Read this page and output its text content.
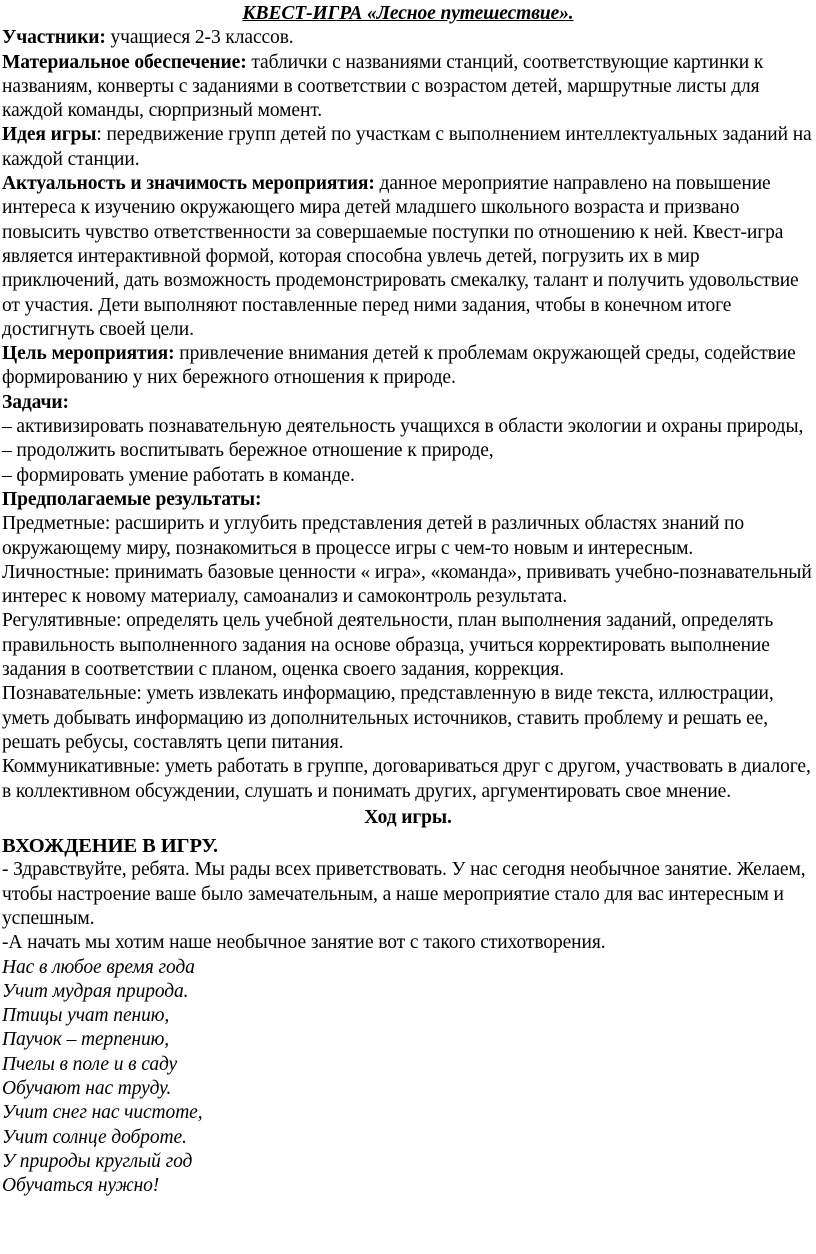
КВЕСТ-ИГРА «Лесное путешествие».

Участники: учащиеся 2-3 классов.

Материальное обеспечение: таблички с названиями станций, соответствующие картинки к названиям, конверты с заданиями в соответствии с возрастом детей, маршрутные листы для каждой команды, сюрпризный момент.

Идея игры: передвижение групп детей по участкам с выполнением интеллектуальных заданий на каждой станции.

Актуальность и значимость мероприятия: данное мероприятие направлено на повышение интереса к изучению окружающего мира детей младшего школьного возраста и призвано повысить чувство ответственности за совершаемые поступки по отношению к ней. Квест-игра является интерактивной формой, которая способна увлечь детей, погрузить их в мир приключений, дать возможность продемонстрировать смекалку, талант и получить удовольствие от участия. Дети выполняют поставленные перед ними задания, чтобы в конечном итоге достигнуть своей цели.

Цель мероприятия: привлечение внимания детей к проблемам окружающей среды, содействие формированию у них бережного отношения к природе.

Задачи:

– активизировать познавательную деятельность учащихся в области экологии и охраны природы,

– продолжить воспитывать бережное отношение к природе,

– формировать умение работать в команде.

Предполагаемые результаты:

Предметные: расширить и углубить представления детей в различных областях знаний по окружающему миру, познакомиться в процессе игры с чем-то новым и интересным.

Личностные: принимать базовые ценности « игра», «команда», прививать учебно-познавательный интерес к новому материалу, самоанализ и самоконтроль результата.

Регулятивные: определять цель учебной деятельности, план выполнения заданий, определять правильность выполненного задания на основе образца, учиться корректировать выполнение задания в соответствии с планом, оценка своего задания, коррекция.

Познавательные: уметь извлекать информацию, представленную в виде текста, иллюстрации, уметь добывать информацию из дополнительных источников, ставить проблему и решать ее, решать ребусы, составлять цепи питания.

Коммуникативные: уметь работать в группе, договариваться друг с другом, участвовать в диалоге, в коллективном обсуждении, слушать и понимать других, аргументировать свое мнение.

Ход игры.

ВХОЖДЕНИЕ В ИГРУ.

- Здравствуйте, ребята. Мы рады всех приветствовать. У нас сегодня необычное занятие. Желаем, чтобы настроение ваше было замечательным, а наше мероприятие стало для вас интересным и успешным.

-А начать мы хотим наше необычное занятие вот с такого стихотворения.

Нас в любое время года

Учит мудрая природа.

Птицы учат пению,

Паучок – терпению,

Пчелы в поле и в саду

Обучают нас труду.

Учит снег нас чистоте,

Учит солнце доброте.

У природы круглый год

Обучаться нужно!
